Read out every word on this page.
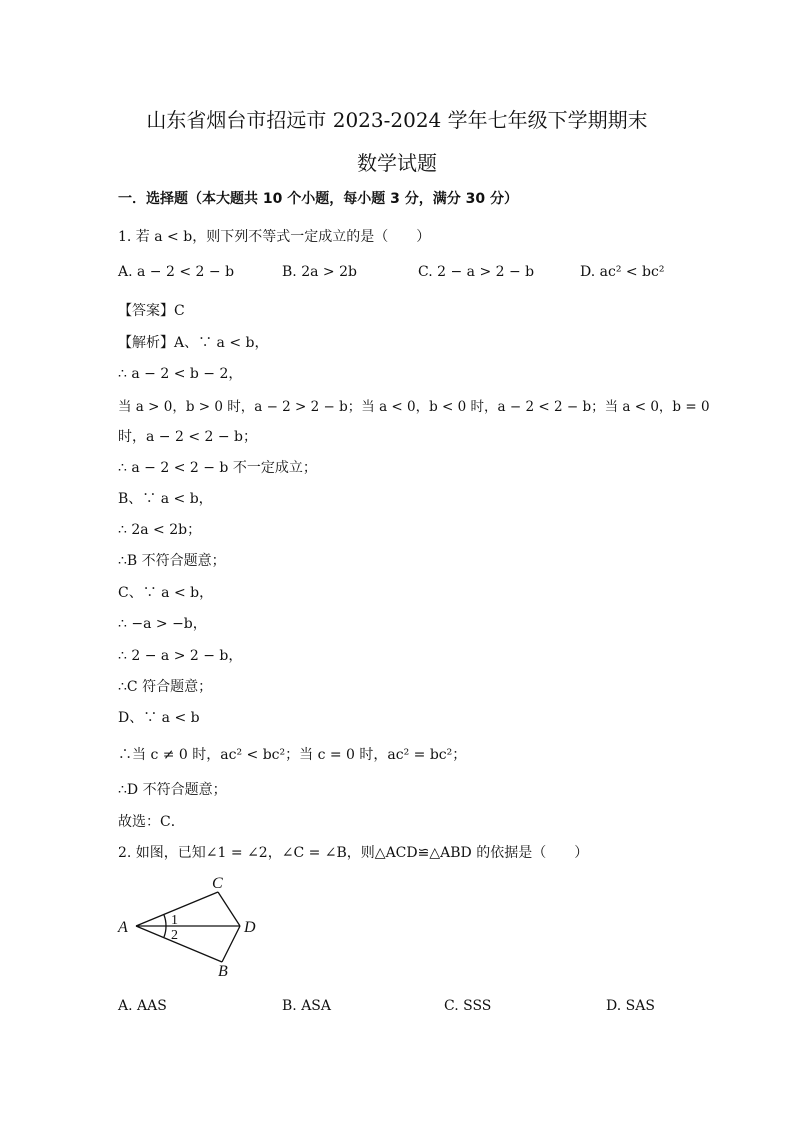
山东省烟台市招远市 2023-2024 学年七年级下学期期末
数学试题
一．选择题（本大题共 10 个小题，每小题 3 分，满分 30 分）
1. 若 a < b，则下列不等式一定成立的是（　　）
A. a − 2 < 2 − b	B. 2a > 2b	C. 2 − a > 2 − b	D. ac² < bc²
【答案】C
【解析】A、∵ a < b，
∴ a − 2 < b − 2，
当 a > 0，b > 0 时，a − 2 > 2 − b；当 a < 0，b < 0 时，a − 2 < 2 − b；当 a < 0，b = 0
时，a − 2 < 2 − b；
∴ a − 2 < 2 − b 不一定成立；
B、∵ a < b，
∴ 2a < 2b；
∴B 不符合题意；
C、∵ a < b，
∴ −a > −b，
∴ 2 − a > 2 − b，
∴C 符合题意；
D、∵ a < b
∴当 c ≠ 0 时，ac² < bc²；当 c = 0 时，ac² = bc²；
∴D 不符合题意；
故选：C．
2. 如图，已知∠1 = ∠2，∠C = ∠B，则△ACD≌△ABD 的依据是（　　）
A
C
D
B
1
2
A. AAS	B. ASA	C. SSS	D. SAS
